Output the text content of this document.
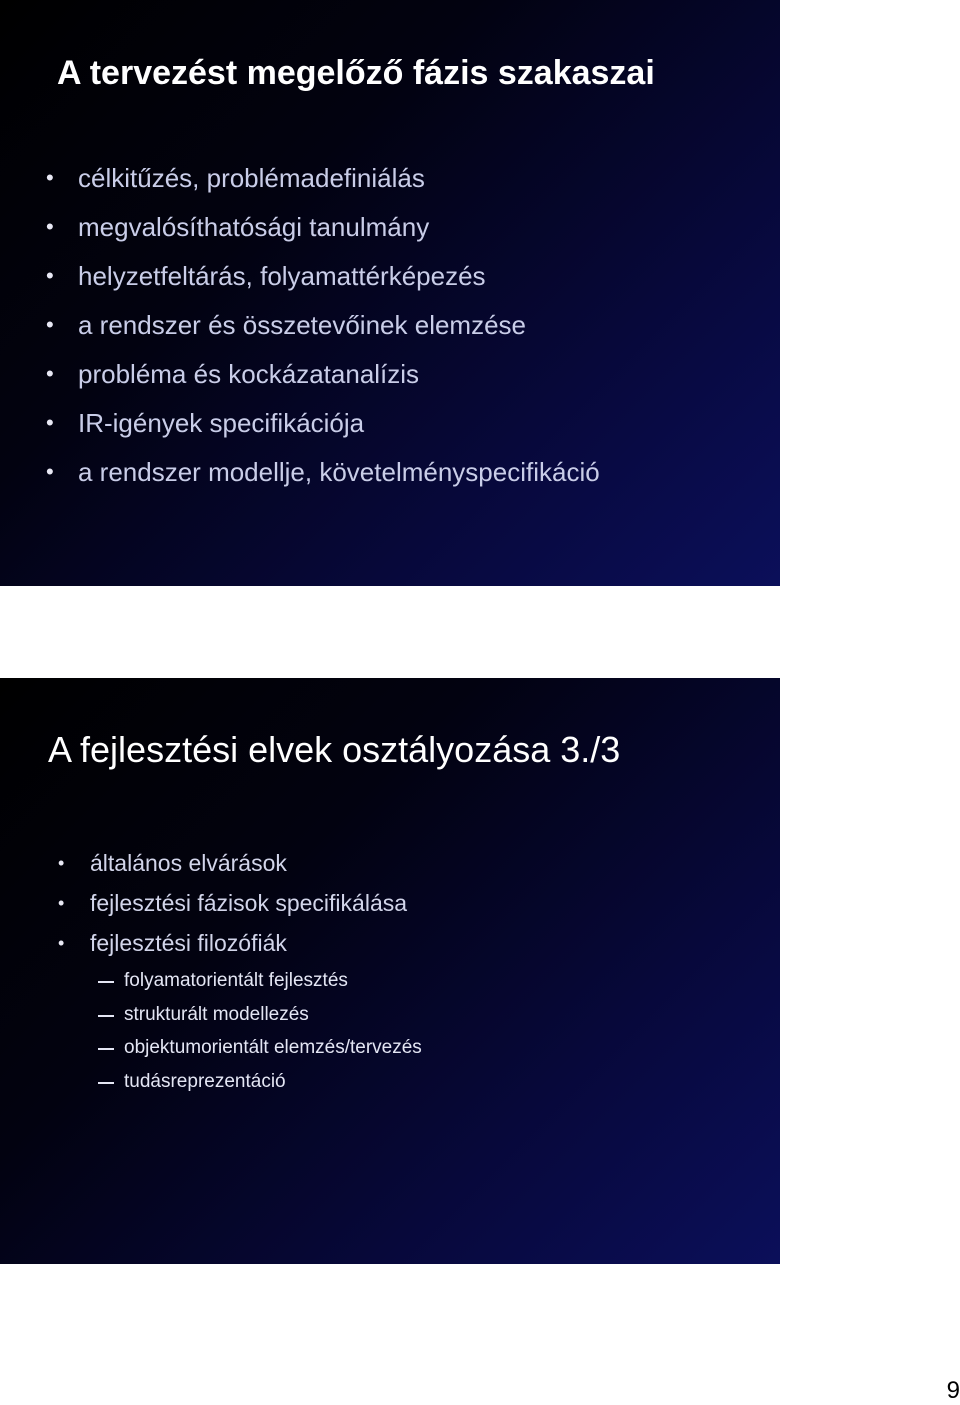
A tervezést megelőző fázis szakaszai
• célkitűzés, problémadefiniálás
• megvalósíthatósági tanulmány
• helyzetfeltárás, folyamattérképezés
• a rendszer és összetevőinek elemzése
• probléma és kockázatanalízis
• IR-igények specifikációja
• a rendszer modellje, követelményspecifikáció
A fejlesztési elvek osztályozása 3./3
• általános elvárások
• fejlesztési fázisok specifikálása
• fejlesztési filozófiák
folyamatorientált fejlesztés
strukturált modellezés
objektumorientált elemzés/tervezés
tudásreprezentáció
9
